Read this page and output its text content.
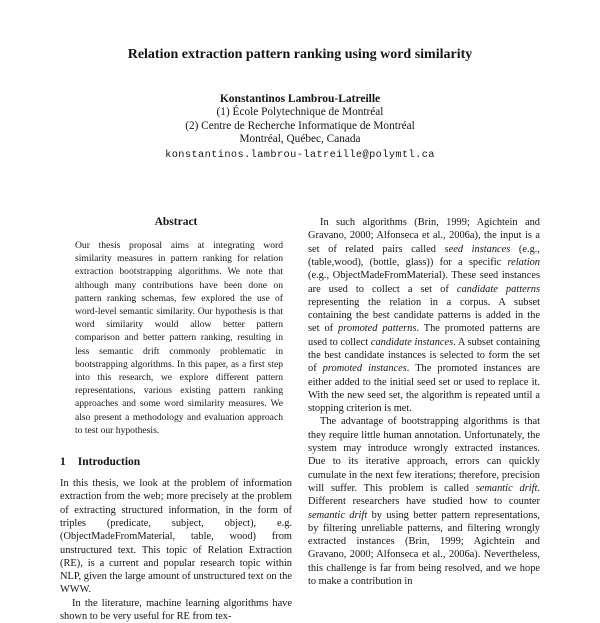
Relation extraction pattern ranking using word similarity
Konstantinos Lambrou-Latreille
(1) École Polytechnique de Montréal
(2) Centre de Recherche Informatique de Montréal
Montréal, Québec, Canada
konstantinos.lambrou-latreille@polymtl.ca
Abstract
Our thesis proposal aims at integrating word similarity measures in pattern ranking for relation extraction bootstrapping algorithms. We note that although many contributions have been done on pattern ranking schemas, few explored the use of word-level semantic similarity. Our hypothesis is that word similarity would allow better pattern comparison and better pattern ranking, resulting in less semantic drift commonly problematic in bootstrapping algorithms. In this paper, as a first step into this research, we explore different pattern representations, various existing pattern ranking approaches and some word similarity measures. We also present a methodology and evaluation approach to test our hypothesis.
1 Introduction

In this thesis, we look at the problem of information extraction from the web; more precisely at the problem of extracting structured information, in the form of triples (predicate, subject, object), e.g. (ObjectMadeFromMaterial, table, wood) from unstructured text. This topic of Relation Extraction (RE), is a current and popular research topic within NLP, given the large amount of unstructured text on the WWW.

In the literature, machine learning algorithms have shown to be very useful for RE from tex-

In such algorithms (Brin, 1999; Agichtein and Gravano, 2000; Alfonseca et al., 2006a), the input is a set of related pairs called seed instances (e.g., (table,wood), (bottle, glass)) for a specific relation (e.g., ObjectMadeFromMaterial). These seed instances are used to collect a set of candidate patterns representing the relation in a corpus. A subset containing the best candidate patterns is added in the set of promoted patterns. The promoted patterns are used to collect candidate instances. A subset containing the best candidate instances is selected to form the set of promoted instances. The promoted instances are either added to the initial seed set or used to replace it. With the new seed set, the algorithm is repeated until a stopping criterion is met.

The advantage of bootstrapping algorithms is that they require little human annotation. Unfortunately, the system may introduce wrongly extracted instances. Due to its iterative approach, errors can quickly cumulate in the next few iterations; therefore, precision will suffer. This problem is called semantic drift. Different researchers have studied how to counter semantic drift by using better pattern representations, by filtering unreliable patterns, and filtering wrongly extracted instances (Brin, 1999; Agichtein and Gravano, 2000; Alfonseca et al., 2006a). Nevertheless, this challenge is far from being resolved, and we hope to make a contribution in
